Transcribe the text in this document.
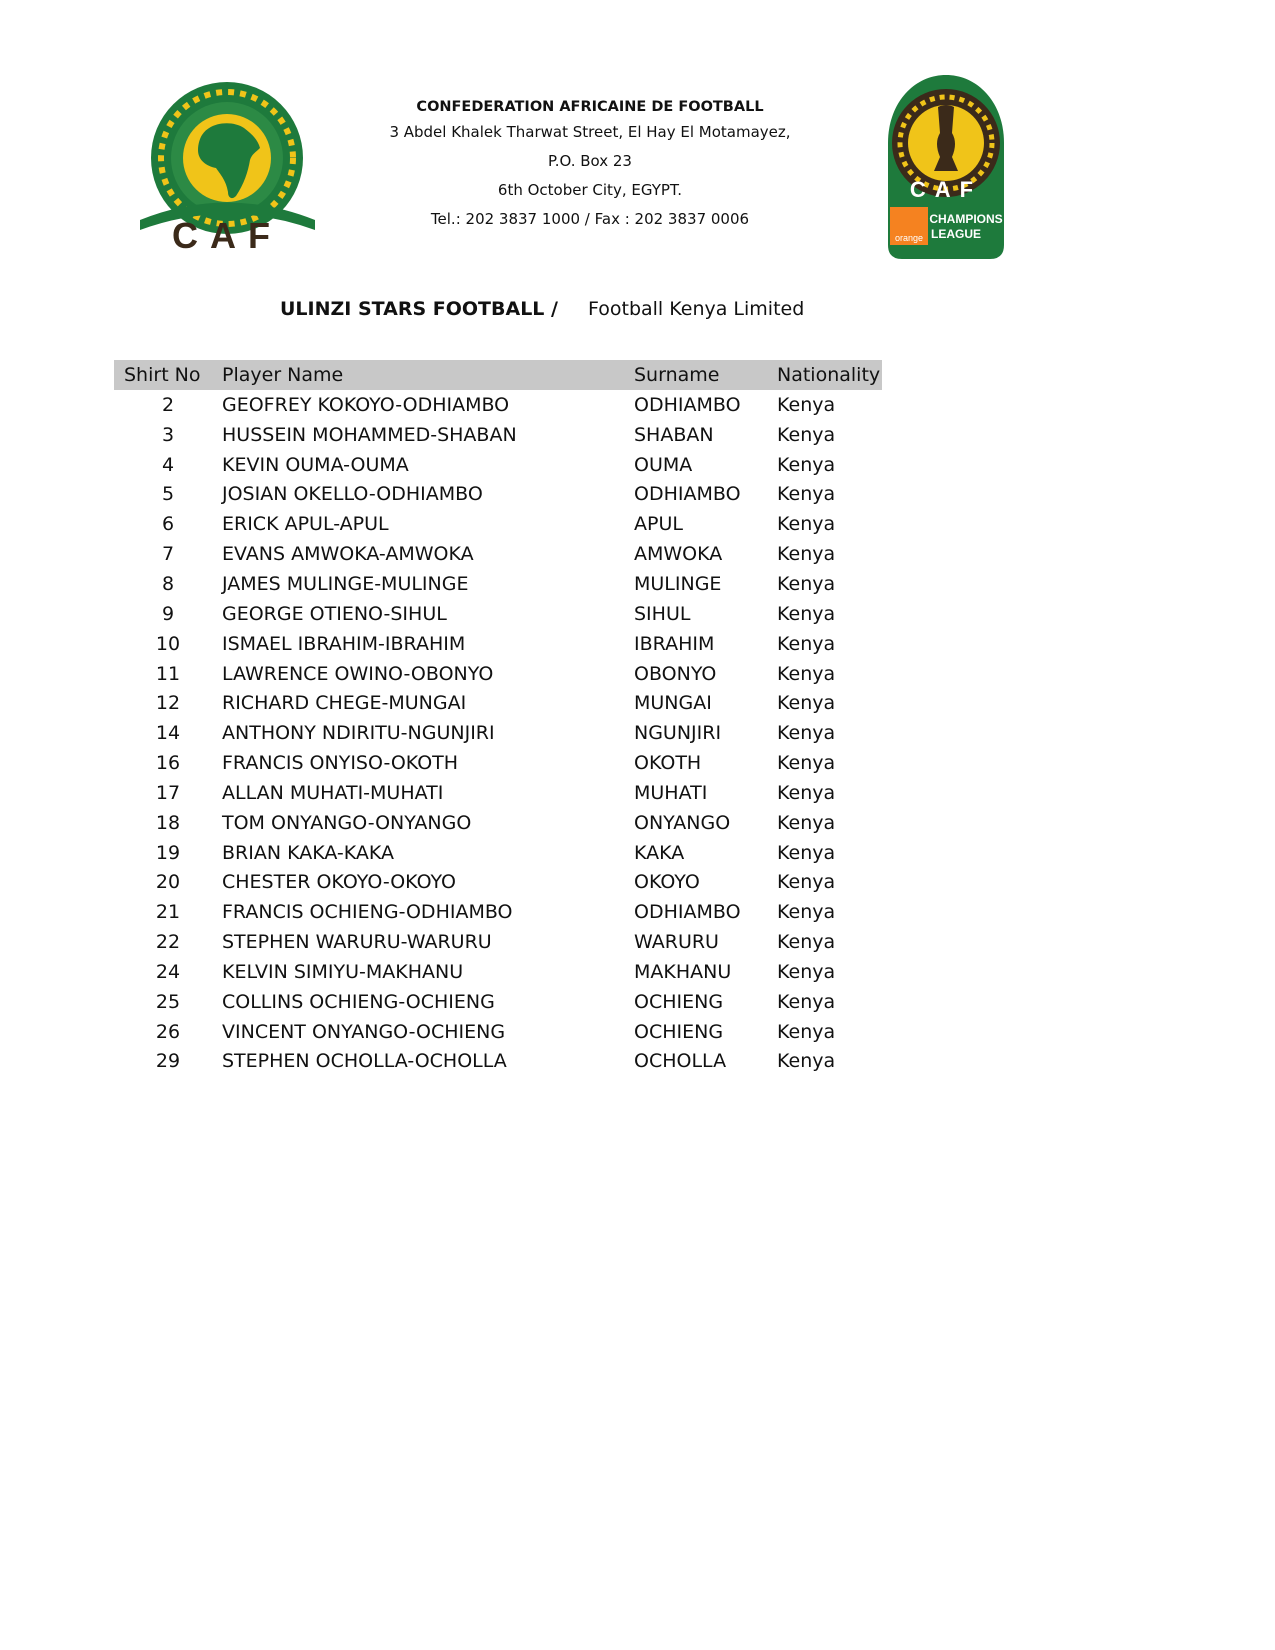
CAF
CONFEDERATION AFRICAINE DE FOOTBALL
3 Abdel Khalek Tharwat Street, El Hay El Motamayez,
P.O. Box 23
6th October City, EGYPT.
Tel.: 202 3837 1000 / Fax : 202 3837 0006
CAF
orange
CHAMPIONS
LEAGUE
ULINZI STARS FOOTBALL / Football Kenya Limited
Shirt No	Player Name	Surname	Nationality
2	GEOFREY KOKOYO-ODHIAMBO	ODHIAMBO	Kenya
3	HUSSEIN MOHAMMED-SHABAN	SHABAN	Kenya
4	KEVIN OUMA-OUMA	OUMA	Kenya
5	JOSIAN OKELLO-ODHIAMBO	ODHIAMBO	Kenya
6	ERICK APUL-APUL	APUL	Kenya
7	EVANS AMWOKA-AMWOKA	AMWOKA	Kenya
8	JAMES MULINGE-MULINGE	MULINGE	Kenya
9	GEORGE OTIENO-SIHUL	SIHUL	Kenya
10	ISMAEL IBRAHIM-IBRAHIM	IBRAHIM	Kenya
11	LAWRENCE OWINO-OBONYO	OBONYO	Kenya
12	RICHARD CHEGE-MUNGAI	MUNGAI	Kenya
14	ANTHONY NDIRITU-NGUNJIRI	NGUNJIRI	Kenya
16	FRANCIS ONYISO-OKOTH	OKOTH	Kenya
17	ALLAN MUHATI-MUHATI	MUHATI	Kenya
18	TOM ONYANGO-ONYANGO	ONYANGO	Kenya
19	BRIAN KAKA-KAKA	KAKA	Kenya
20	CHESTER OKOYO-OKOYO	OKOYO	Kenya
21	FRANCIS OCHIENG-ODHIAMBO	ODHIAMBO	Kenya
22	STEPHEN WARURU-WARURU	WARURU	Kenya
24	KELVIN SIMIYU-MAKHANU	MAKHANU	Kenya
25	COLLINS OCHIENG-OCHIENG	OCHIENG	Kenya
26	VINCENT ONYANGO-OCHIENG	OCHIENG	Kenya
29	STEPHEN OCHOLLA-OCHOLLA	OCHOLLA	Kenya
